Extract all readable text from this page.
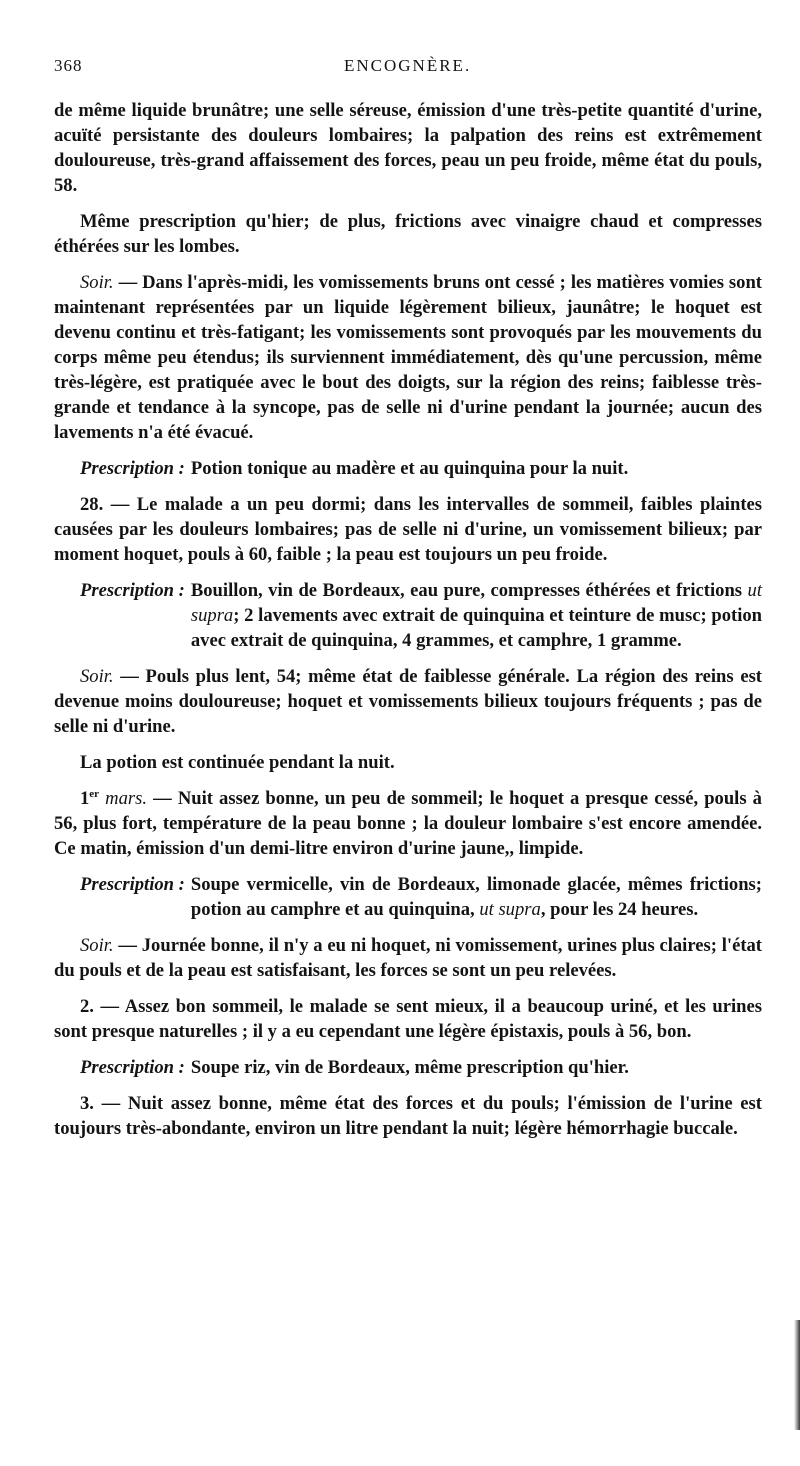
368	ENCOGNÈRE.

de même liquide brunâtre; une selle séreuse, émission d'une très-petite quantité d'urine, acuïté persistante des douleurs lombaires; la palpation des reins est extrêmement douloureuse, très-grand affaissement des forces, peau un peu froide, même état du pouls, 58.

Même prescription qu'hier; de plus, frictions avec vinaigre chaud et compresses éthérées sur les lombes.

Soir. — Dans l'après-midi, les vomissements bruns ont cessé ; les matières vomies sont maintenant représentées par un liquide légèrement bilieux, jaunâtre; le hoquet est devenu continu et très-fatigant; les vomissements sont provoqués par les mouvements du corps même peu étendus; ils surviennent immédiatement, dès qu'une percussion, même très-légère, est pratiquée avec le bout des doigts, sur la région des reins; faiblesse très-grande et tendance à la syncope, pas de selle ni d'urine pendant la journée; aucun des lavements n'a été évacué.

Prescription : Potion tonique au madère et au quinquina pour la nuit.

28. — Le malade a un peu dormi; dans les intervalles de sommeil, faibles plaintes causées par les douleurs lombaires; pas de selle ni d'urine, un vomissement bilieux; par moment hoquet, pouls à 60, faible ; la peau est toujours un peu froide.

Prescription : Bouillon, vin de Bordeaux, eau pure, compresses éthérées et frictions ut supra; 2 lavements avec extrait de quinquina et teinture de musc; potion avec extrait de quinquina, 4 grammes, et camphre, 1 gramme.

Soir. — Pouls plus lent, 54; même état de faiblesse générale. La région des reins est devenue moins douloureuse; hoquet et vomissements bilieux toujours fréquents ; pas de selle ni d'urine.

La potion est continuée pendant la nuit.

1er mars. — Nuit assez bonne, un peu de sommeil; le hoquet a presque cessé, pouls à 56, plus fort, température de la peau bonne ; la douleur lombaire s'est encore amendée. Ce matin, émission d'un demi-litre environ d'urine jaune,, limpide.

Prescription : Soupe vermicelle, vin de Bordeaux, limonade glacée, mêmes frictions; potion au camphre et au quinquina, ut supra, pour les 24 heures.

Soir. — Journée bonne, il n'y a eu ni hoquet, ni vomissement, urines plus claires; l'état du pouls et de la peau est satisfaisant, les forces se sont un peu relevées.

2. — Assez bon sommeil, le malade se sent mieux, il a beaucoup uriné, et les urines sont presque naturelles ; il y a eu cependant une légère épistaxis, pouls à 56, bon.

Prescription : Soupe riz, vin de Bordeaux, même prescription qu'hier.

3. — Nuit assez bonne, même état des forces et du pouls; l'émission de l'urine est toujours très-abondante, environ un litre pendant la nuit; légère hémorrhagie buccale.
